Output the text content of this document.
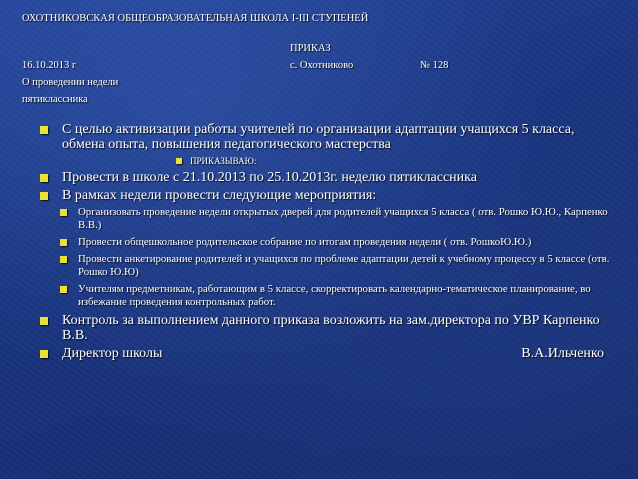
ОХОТНИКОВСКАЯ ОБЩЕОБРАЗОВАТЕЛЬНАЯ ШКОЛА I-III СТУПЕНЕЙ
ПРИКАЗ
16.10.2013 г	с. Охотниково	№ 128
О проведении недели
пятиклассника
С целью активизации работы учителей по организации адаптации учащихся 5 класса, обмена опыта, повышения педагогического мастерства
ПРИКАЗЫВАЮ:
Провести в школе с 21.10.2013 по 25.10.2013г. неделю пятиклассника
В рамках недели провести следующие мероприятия:
Организовать проведение недели открытых дверей для родителей учащихся 5 класса ( отв. Рошко Ю.Ю., Карпенко В.В.)
Провести общешкольное родительское собрание по итогам проведения недели ( отв. РошкоЮ.Ю.)
Провести анкетирование родителей и учащихся по проблеме адаптации детей к учебному процессу в 5 классе (отв. Рошко Ю.Ю)
Учителям предметникам, работающим в 5 классе, скорректировать календарно-тематическое планирование, во избежание проведения контрольных работ.
Контроль за выполнением данного приказа возложить на зам.директора по УВР Карпенко В.В.
Директор школы	В.А.Ильченко
